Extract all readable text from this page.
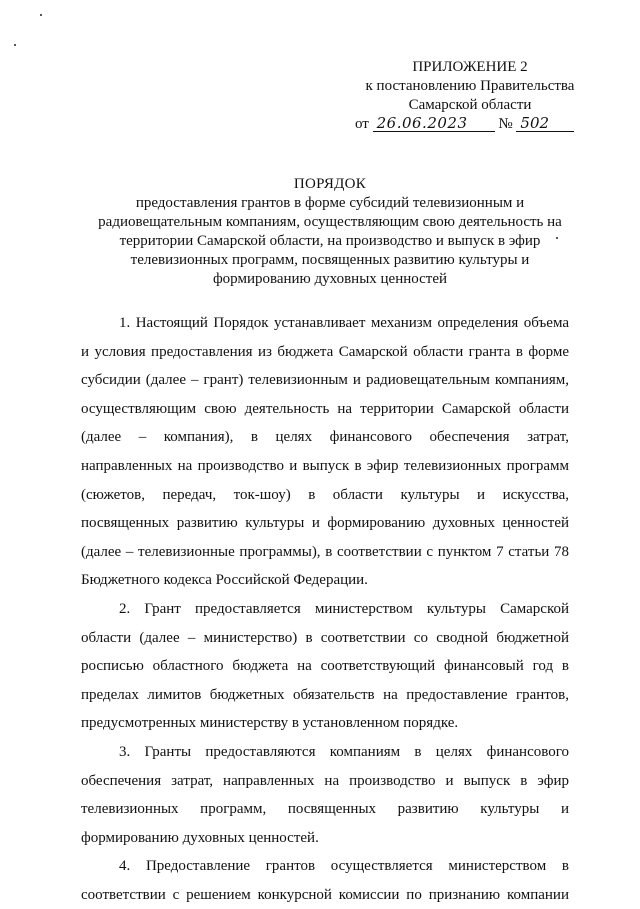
ПРИЛОЖЕНИЕ 2
к постановлению Правительства
Самарской области
от 26.06.2023 № 502
ПОРЯДОК
предоставления грантов в форме субсидий телевизионным и
радиовещательным компаниям, осуществляющим свою деятельность на
территории Самарской области, на производство и выпуск в эфир
телевизионных программ, посвященных развитию культуры и
формированию духовных ценностей
1. Настоящий Порядок устанавливает механизм определения объема
и условия предоставления из бюджета Самарской области гранта в форме
субсидии (далее – грант) телевизионным и радиовещательным компаниям,
осуществляющим свою деятельность на территории Самарской области
(далее – компания), в целях финансового обеспечения затрат,
направленных на производство и выпуск в эфир телевизионных программ
(сюжетов, передач, ток-шоу) в области культуры и искусства,
посвященных развитию культуры и формированию духовных ценностей
(далее – телевизионные программы), в соответствии с пунктом 7 статьи 78
Бюджетного кодекса Российской Федерации.
2. Грант предоставляется министерством культуры Самарской
области (далее – министерство) в соответствии со сводной бюджетной
росписью областного бюджета на соответствующий финансовый год в
пределах лимитов бюджетных обязательств на предоставление грантов,
предусмотренных министерству в установленном порядке.
3. Гранты предоставляются компаниям в целях финансового
обеспечения затрат, направленных на производство и выпуск в эфир
телевизионных программ, посвященных развитию культуры и
формированию духовных ценностей.
4. Предоставление грантов осуществляется министерством в
соответствии с решением конкурсной комиссии по признанию компании
